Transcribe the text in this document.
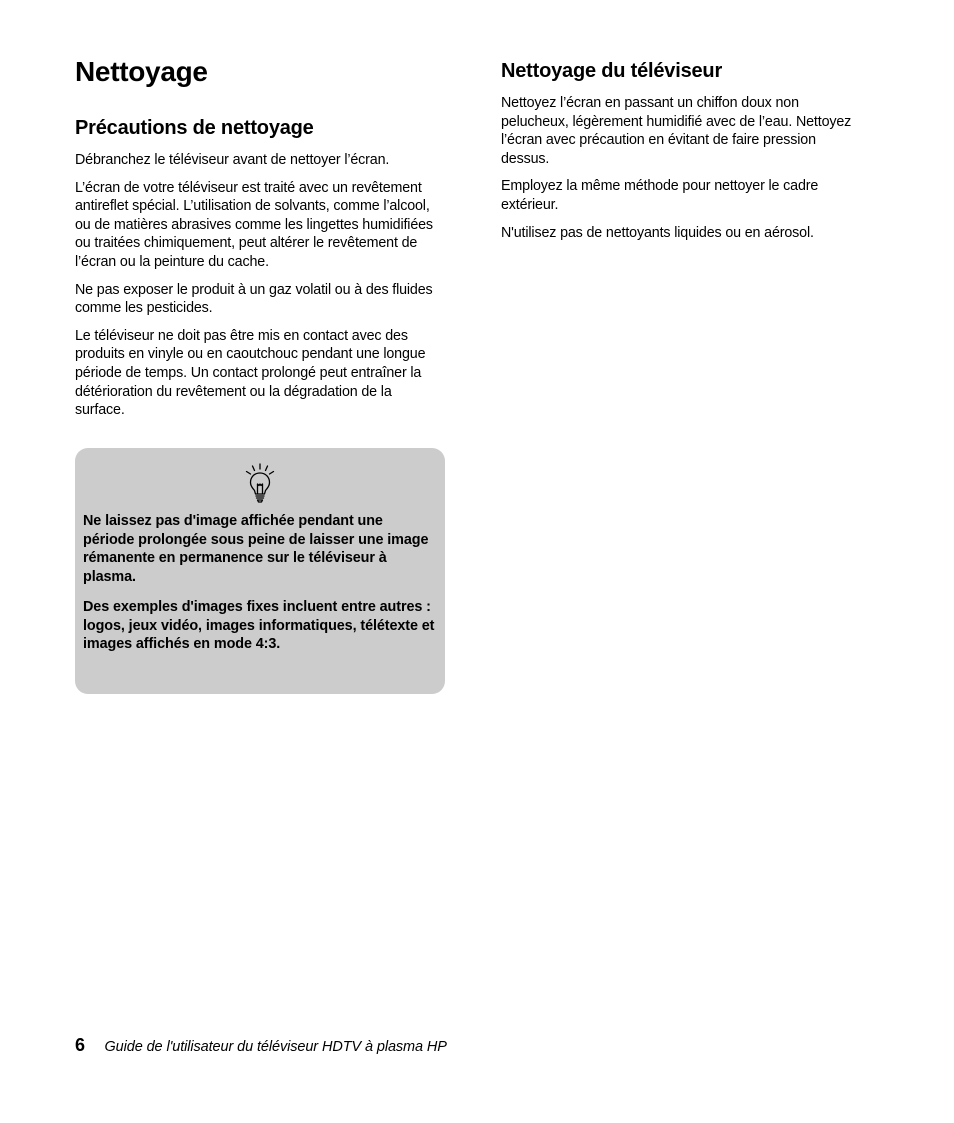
Nettoyage
Précautions de nettoyage

Débranchez le téléviseur avant de nettoyer l’écran.

L’écran de votre téléviseur est traité avec un revêtement antireflet spécial. L’utilisation de solvants, comme l’alcool, ou de matières abrasives comme les lingettes humidifiées ou traitées chimiquement, peut altérer le revêtement de l’écran ou la peinture du cache.

Ne pas exposer le produit à un gaz volatil ou à des fluides comme les pesticides.

Le téléviseur ne doit pas être mis en contact avec des produits en vinyle ou en caoutchouc pendant une longue période de temps. Un contact prolongé peut entraîner la détérioration du revêtement ou la dégradation de la surface.

Ne laissez pas d'image affichée pendant une période prolongée sous peine de laisser une image rémanente en permanence sur le téléviseur à plasma.

Des exemples d'images fixes incluent entre autres : logos, jeux vidéo, images informatiques, télétexte et images affichés en mode 4:3.

Nettoyage du téléviseur

Nettoyez l’écran en passant un chiffon doux non pelucheux, légèrement humidifié avec de l’eau. Nettoyez l’écran avec précaution en évitant de faire pression dessus.

Employez la même méthode pour nettoyer le cadre extérieur.

N'utilisez pas de nettoyants liquides ou en aérosol.

6 Guide de l'utilisateur du téléviseur HDTV à plasma HP
